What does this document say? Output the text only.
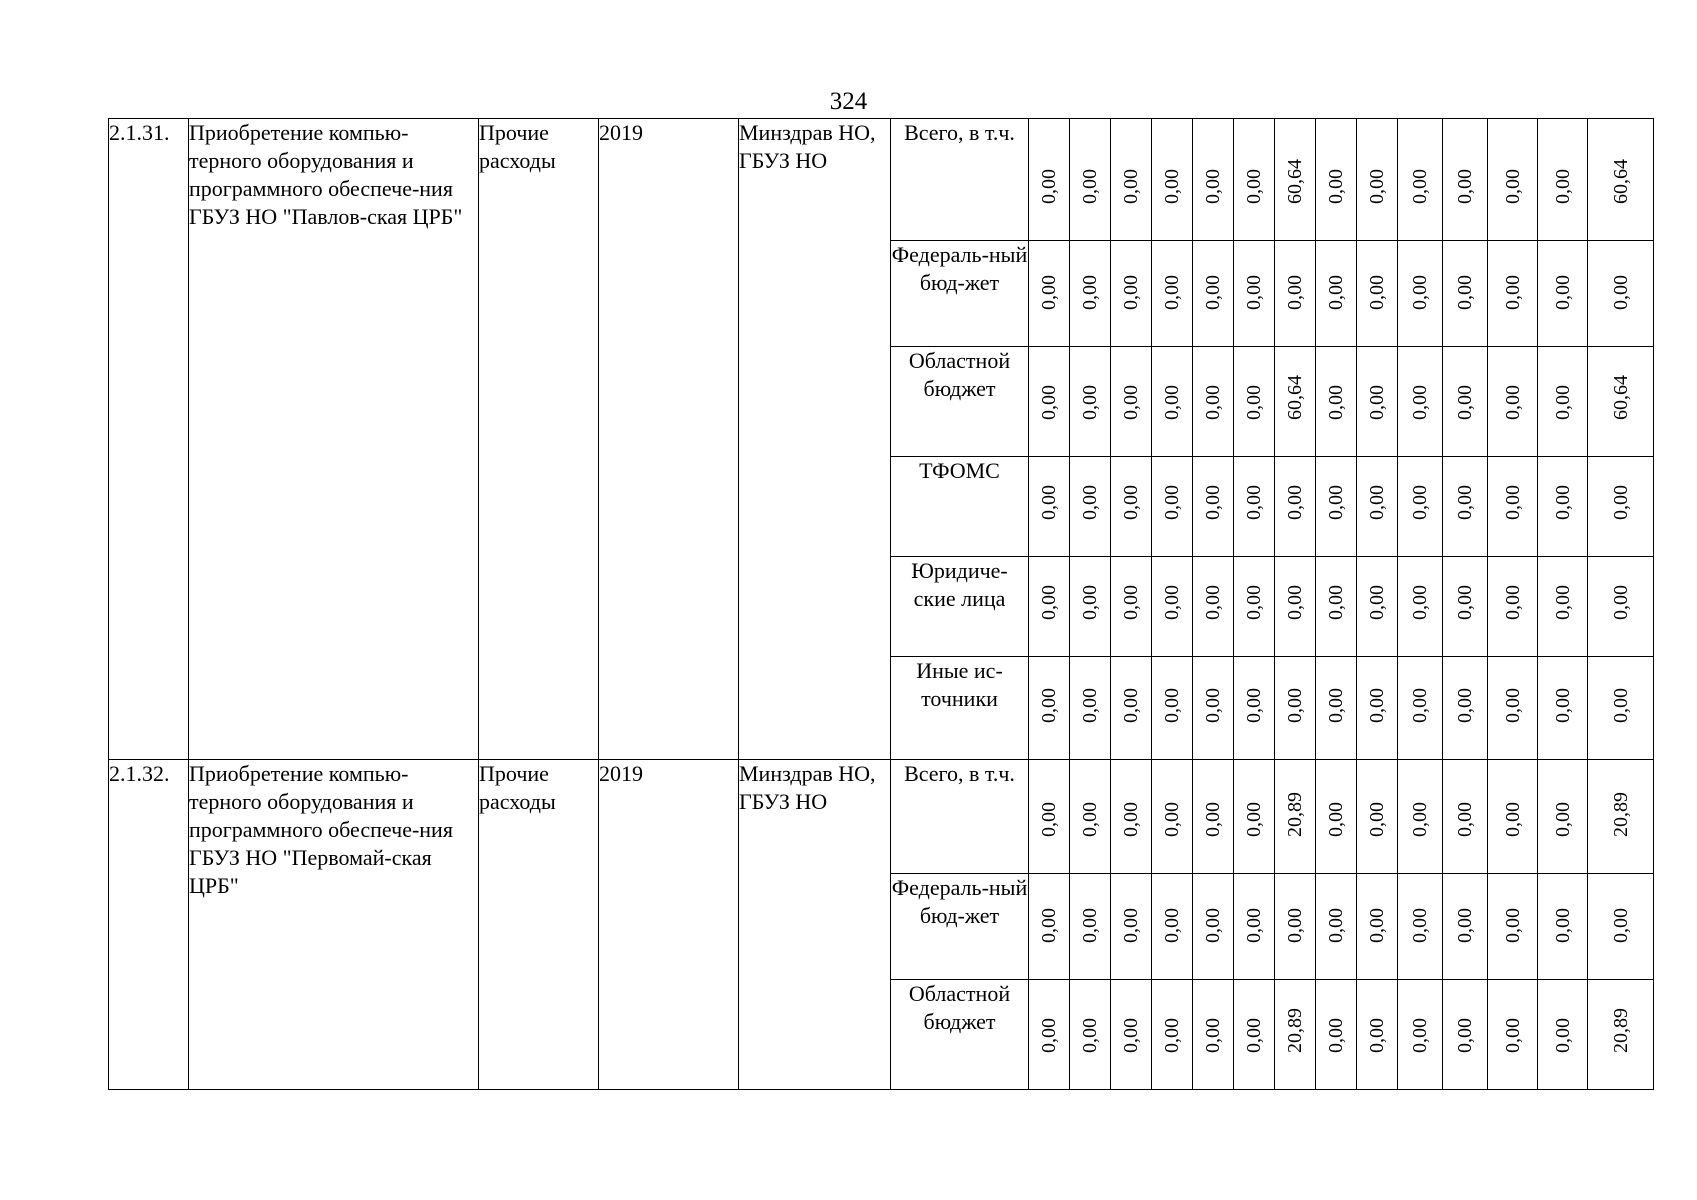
324
2.1.31.	Приобретение компью-терного оборудования и программного обеспече-ния ГБУЗ НО "Павлов-ская ЦРБ"	Прочие расходы	2019	Минздрав НО, ГБУЗ НО	Всего, в т.ч.	0,00	0,00	0,00	0,00	0,00	0,00	60,64	0,00	0,00	0,00	0,00	0,00	0,00	60,64

					Федераль-ный бюд-жет	0,00	0,00	0,00	0,00	0,00	0,00	0,00	0,00	0,00	0,00	0,00	0,00	0,00	0,00

					Областной бюджет	0,00	0,00	0,00	0,00	0,00	0,00	60,64	0,00	0,00	0,00	0,00	0,00	0,00	60,64

					ТФОМС	0,00	0,00	0,00	0,00	0,00	0,00	0,00	0,00	0,00	0,00	0,00	0,00	0,00	0,00

					Юридиче-ские лица	0,00	0,00	0,00	0,00	0,00	0,00	0,00	0,00	0,00	0,00	0,00	0,00	0,00	0,00

					Иные ис-точники	0,00	0,00	0,00	0,00	0,00	0,00	0,00	0,00	0,00	0,00	0,00	0,00	0,00	0,00

2.1.32.	Приобретение компью-терного оборудования и программного обеспече-ния ГБУЗ НО "Первомай-ская ЦРБ"	Прочие расходы	2019	Минздрав НО, ГБУЗ НО	Всего, в т.ч.	0,00	0,00	0,00	0,00	0,00	0,00	20,89	0,00	0,00	0,00	0,00	0,00	0,00	20,89

					Федераль-ный бюд-жет	0,00	0,00	0,00	0,00	0,00	0,00	0,00	0,00	0,00	0,00	0,00	0,00	0,00	0,00

					Областной бюджет	0,00	0,00	0,00	0,00	0,00	0,00	20,89	0,00	0,00	0,00	0,00	0,00	0,00	20,89
